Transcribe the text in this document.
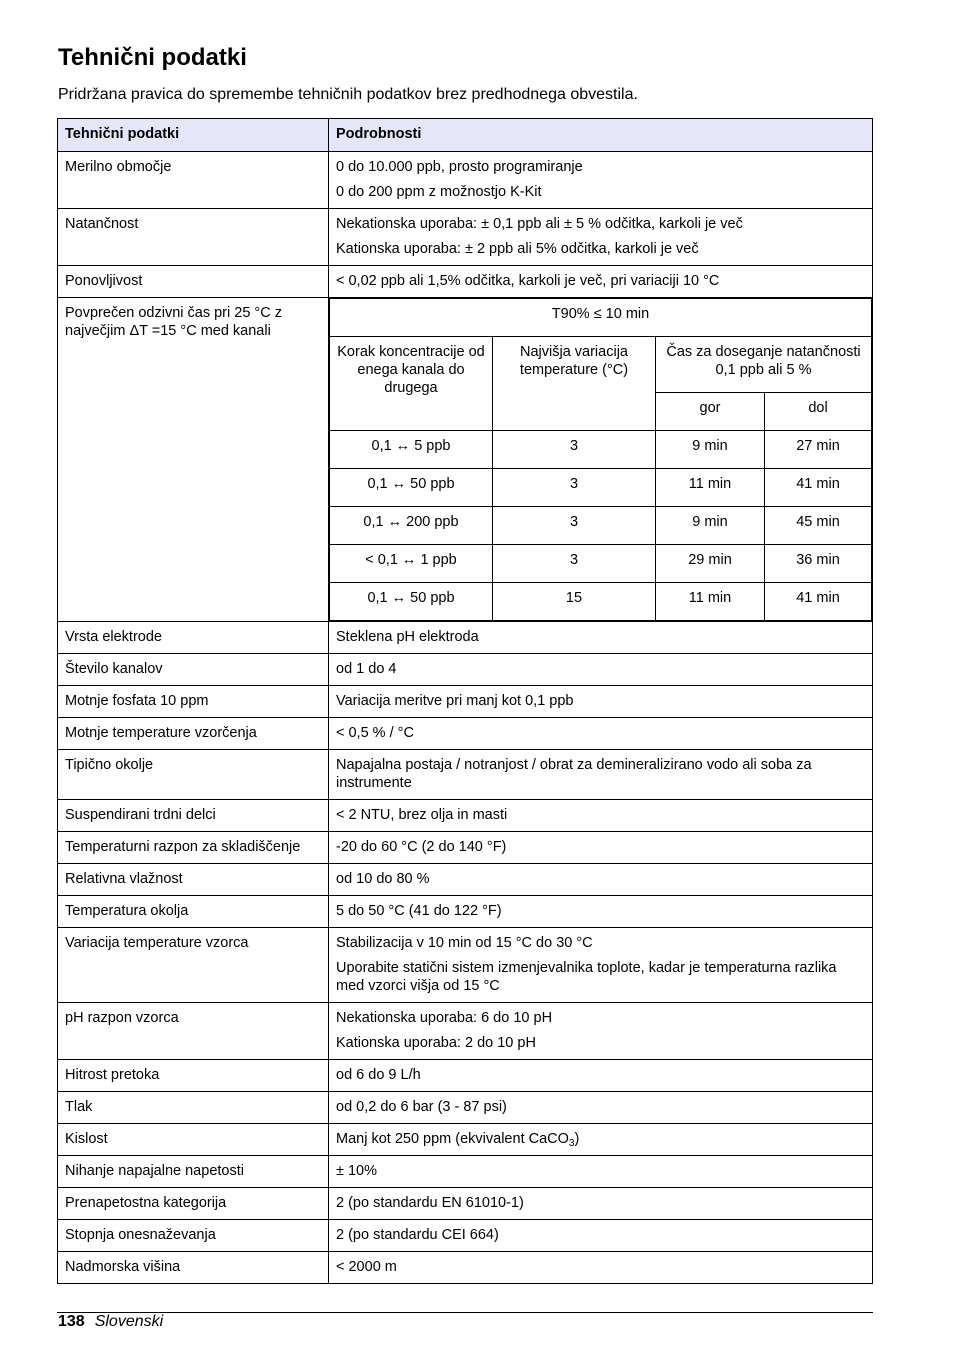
Tehnični podatki

Pridržana pravica do spremembe tehničnih podatkov brez predhodnega obvestila.

Tehnični podatki	Podrobnosti
Merilno območje	0 do 10.000 ppb, prosto programiranje

0 do 200 ppm z možnostjo K-Kit

Natančnost	Nekationska uporaba: ± 0,1 ppb ali ± 5 % odčitka, karkoli je več

Kationska uporaba: ± 2 ppb ali 5% odčitka, karkoli je več

Ponovljivost	< 0,02 ppb ali 1,5% odčitka, karkoli je več, pri variaciji 10 °C

Povprečen odzivni čas pri 25 °C z največjim ΔT =15 °C med kanali	
T90% ≤ 10 min
Korak koncentracije od enega kanala do drugega	Najvišja variacija temperature (°C)	Čas za doseganje natančnosti 0,1 ppb ali 5 %
gor	dol
0,1 ↔ 5 ppb	3	9 min	27 min
0,1 ↔ 50 ppb	3	11 min	41 min
0,1 ↔ 200 ppb	3	9 min	45 min
< 0,1 ↔ 1 ppb	3	29 min	36 min
0,1 ↔ 50 ppb	15	11 min	41 min

Vrsta elektrode	Steklena pH elektroda

Število kanalov	od 1 do 4

Motnje fosfata 10 ppm	Variacija meritve pri manj kot 0,1 ppb

Motnje temperature vzorčenja	< 0,5 % / °C

Tipično okolje	Napajalna postaja / notranjost / obrat za demineralizirano vodo ali soba za instrumente

Suspendirani trdni delci	< 2 NTU, brez olja in masti

Temperaturni razpon za skladiščenje	-20 do 60 °C (2 do 140 °F)

Relativna vlažnost	od 10 do 80 %

Temperatura okolja	5 do 50 °C (41 do 122 °F)

Variacija temperature vzorca	Stabilizacija v 10 min od 15 °C do 30 °C

Uporabite statični sistem izmenjevalnika toplote, kadar je temperaturna razlika med vzorci višja od 15 °C

pH razpon vzorca	Nekationska uporaba: 6 do 10 pH

Kationska uporaba: 2 do 10 pH

Hitrost pretoka	od 6 do 9 L/h

Tlak	od 0,2 do 6 bar (3 - 87 psi)

Kislost	Manj kot 250 ppm (ekvivalent CaCO$_3$)

Nihanje napajalne napetosti	± 10%

Prenapetostna kategorija	2 (po standardu EN 61010-1)

Stopnja onesnaževanja	2 (po standardu CEI 664)

Nadmorska višina	< 2000 m

138 Slovenski
